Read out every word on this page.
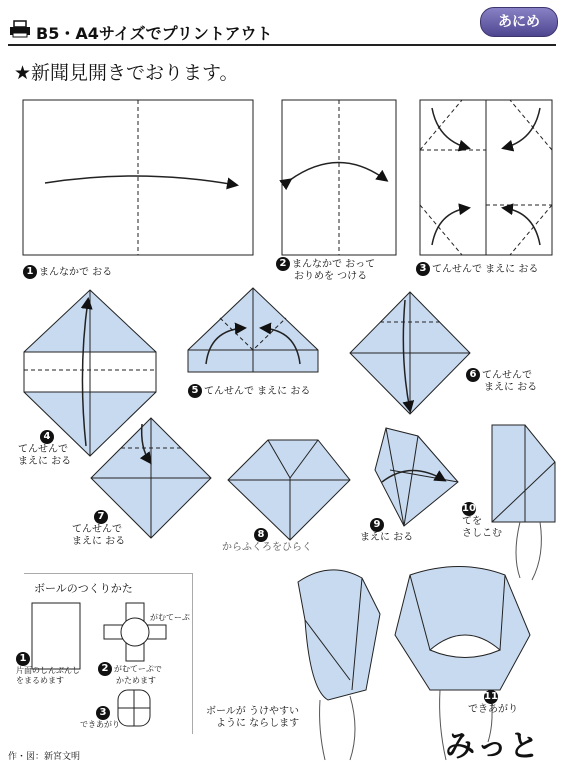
B5・A4サイズでプリントアウト
あにめ
★新聞見開きでおります。
1 まんなかで おる
2 まんなかで おって
おりめを つける
3 てんせんで まえに おる
4
てんせんで
まえに おる
5 てんせんで まえに おる
6 てんせんで
まえに おる
7
てんせんで
まえに おる
8
からふくろをひらく
9
まえに おる
10
てを
さしこむ
11
できあがり
ボールのつくりかた
1
片面のしんぶんし
をまるめます
がむてーぷ
2 がむてーぷで
かためます
3
できあがり
ボールが うけやすい
ように ならします
作・図：新宮文明	みっと
